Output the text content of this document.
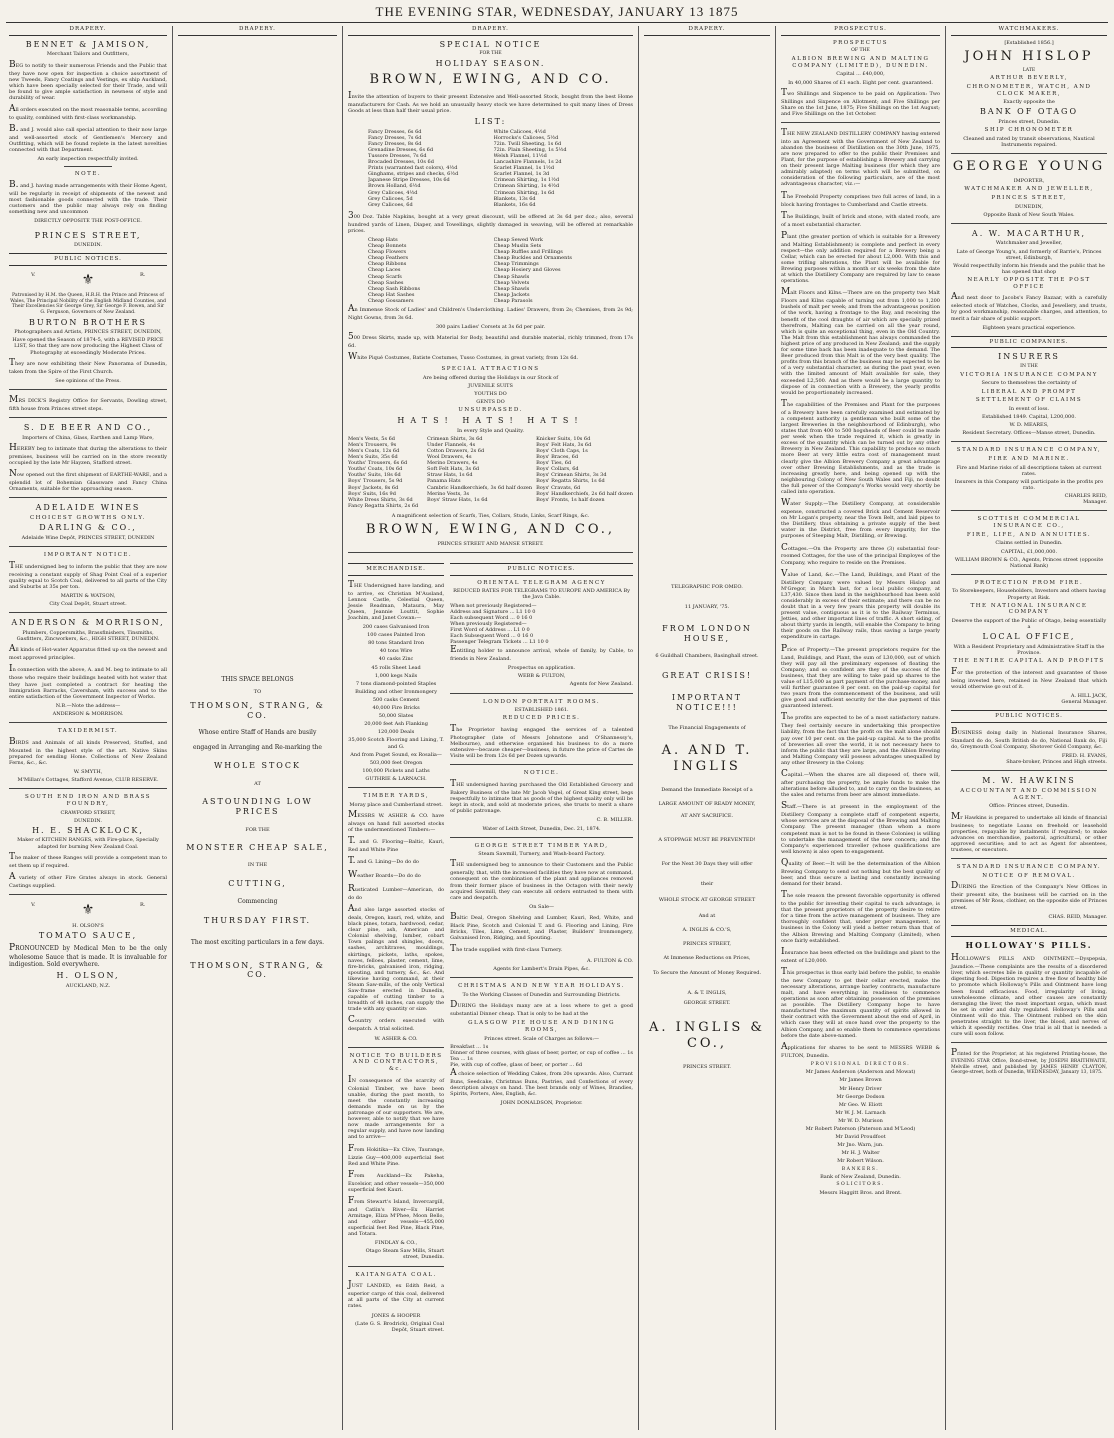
THE EVENING STAR, WEDNESDAY, JANUARY 13 1875
DRAPERY.
BENNET & JAMISON,
Merchant Tailors and Outfitters,
BEG to notify to their numerous Friends and the Public that they have now open for inspection a choice assortment of new Tweeds, Fancy Coatings and Vestings, ex ship Auckland, which have been specially selected for their Trade, and will be found to give ample satisfaction in newness of style and durability of wear.
All orders executed on the most reasonable terms, according to quality, combined with first-class workmanship.
B. and J. would also call special attention to their now large and well-assorted stock of Gentlemen's Mercery and Outfitting, which will be found replete in the latest novelties connected with that Department.
An early inspection respectfully invited.
NOTE.
B. and J. having made arrangements with their Home Agent, will be regularly in receipt of shipments of the newest and most fashionable goods connected with the trade. Their customers and the public may always rely on finding something new and uncommon
DIRECTLY OPPOSITE THE POST-OFFICE.
PRINCES STREET,
DUNEDIN.
PUBLIC NOTICES.
V.	⚜	R.
Patronised by H.M. the Queen, H.R.H. the Prince and Princess of Wales, The Principal Nobility of the English Midland Counties, and Their Excellencies Sir George Grey, Sir George F. Bowen, and Sir G. Ferguson, Governors of New Zealand.
BURTON BROTHERS
Photographers and Artists, PRINCES STREET, DUNEDIN,
Have opened the Season of 1874-5, with a REVISED PRICE LIST, So that they are now producing the Highest Class of Photography at exceedingly Moderate Prices.
They are now exhibiting their New Panorama of Dunedin, taken from the Spire of the First Church.
See opinions of the Press.
MRS DICK'S Registry Office for Servants, Dowling street, fifth house from Princes street steps.
S. DE BEER AND CO.,
Importers of China, Glass, Earthen and Lamp Ware,
HEREBY beg to intimate that during the alterations to their premises, business will be carried on in the store recently occupied by the late Mr Hayzen, Stafford street.
Now opened out the first shipment of EARTHE-WARE, and a splendid lot of Bohemian Glassware and Fancy China Ornaments, suitable for the approaching season.
ADELAIDE WINES
CHOICEST GROWTHS ONLY.
DARLING & CO.,
Adelaide Wine Depôt, PRINCES STREET, DUNEDIN
IMPORTANT NOTICE.
THE undersigned beg to inform the public that they are now receiving a constant supply of Shag Point Coal of a superior quality equal to Scotch Coal, delivered to all parts of the City and Suburbs at 35s per ton.
MARTIN & WATSON,
City Coal Depôt, Stuart street.
ANDERSON & MORRISON,
Plumbers, Coppersmiths, Brassfinishers, Tinsmiths, Gasfitters, Zincworkers, &c., HIGH STREET, DUNEDIN.
All kinds of Hot-water Apparatus fitted up on the newest and most approved principles.
In connection with the above, A. and M. beg to intimate to all those who require their buildings heated with hot water that they have just completed a contract for heating the Immigration Barracks, Caversham, with success and to the entire satisfaction of the Government Inspector of Works.
N.B.—Note the address—
ANDERSON & MORRISON.
TAXIDERMIST.
BIRDS and Animals of all kinds Preserved, Stuffed, and Mounted in the highest style of the art. Native Skins prepared for sending Home. Collections of New Zealand Ferns, &c., &c.
W. SMYTH,
M'Millan's Cottages, Stafford Avenue, CLUB RESERVE.
SOUTH END IRON AND BRASS FOUNDRY,
CRAWFORD STREET,
DUNEDIN.
H. E. SHACKLOCK,
Maker of KITCHEN RANGES, with Fire-place, Specially adapted for burning New Zealand Coal.
The maker of these Ranges will provide a competent man to set them up if required.
A variety of other Fire Grates always in stock. General Castings supplied.
V.	⚜	R.
H. OLSON'S
TOMATO SAUCE,
PRONOUNCED by Medical Men to be the only wholesome Sauce that is made. It is invaluable for indigestion. Sold everywhere.
H. OLSON,
AUCKLAND, N.Z.
DRAPERY.
THIS SPACE BELONGS
TO
THOMSON, STRANG, & CO.
Whose entire Staff of Hands are busily
engaged in Arranging and Re-marking the
WHOLE STOCK
AT
ASTOUNDING LOW PRICES
FOR THE
MONSTER CHEAP SALE,
IN THE
CUTTING,
Commencing
THURSDAY FIRST.
The most exciting particulars in a few days.
THOMSON, STRANG, & CO.
DRAPERY.
SPECIAL NOTICE
FOR THE
HOLIDAY SEASON.
BROWN, EWING, AND CO.
Invite the attention of buyers to their present Extensive and Well-assorted Stock, bought from the best Home manufacturers for Cash. As we hold an unusually heavy stock we have determined to quit many lines of Dress Goods at less than half their usual price.
LIST:
Fancy Dresses, 6s 6d
Fancy Dresses, 7s 6d
Fancy Dresses, 8s 6d
Grenadine Dresses, 6s 6d
Tussore Dresses, 7s 6d
Brocaded Dresses, 10s 6d
Prints (warranted fast colors), 4½d
Ginghams, stripes and checks, 6½d
Japanese Stripe Dresses, 10s 6d
Brown Holland, 6½d
Grey Calicoes, 4½d
Grey Calicoes, 5d
Grey Calicoes, 6d
White Calicoes, 4½d
Horrocks's Calicoes, 5½d
72in. Twill Sheeting, 1s 6d
72in. Plain Sheeting, 1s 5½d
Welsh Flannel, 11½d
Lancashire Flannels, 1s 2d
Scarlet Flannel, 1s 1½d
Scarlet Flannel, 1s 3d
Crimean Shirting, 1s 1½d
Crimean Shirting, 1s 4½d
Crimean Shirting, 1s 6d
Blankets, 13s 6d
Blankets, 16s 6d
300 Doz. Table Napkins, bought at a very great discount, will be offered at 3s 6d per doz.; also, several hundred yards of Linen, Diaper, and Towellings, slightly damaged in weaving, will be offered at remarkable prices.
Cheap Hats
Cheap Bonnets
Cheap Flowers
Cheap Feathers
Cheap Ribbons
Cheap Laces
Cheap Scarfs
Cheap Sashes
Cheap Sash Ribbons
Cheap Hat Sashes
Cheap Gossamers
Cheap Sewed Work
Cheap Muslin Sets
Cheap Ruffles and Frillings
Cheap Buckles and Ornaments
Cheap Trimmings
Cheap Hosiery and Gloves
Cheap Shawls
Cheap Velvets
Cheap Shawls
Cheap Jackets
Cheap Parasols
An Immense Stock of Ladies' and Children's Underclothing. Ladies' Drawers, from 2s; Chemises, from 2s 9d; Night Gowns, from 3s 6d.
300 pairs Ladies' Corsets at 3s 6d per pair.
500 Dress Skirts, made up, with Material for Body, beautiful and durable material, richly trimmed, from 17s 6d.
White Piqué Costumes, Batiste Costumes, Tusso Costumes, in great variety, from 12s 6d.
SPECIAL ATTRACTIONS
Are being offered during the Holidays in our Stock of
JUVENILE SUITS
YOUTHS DO
GENTS DO
UNSURPASSED.
HATS! HATS! HATS!
In every Style and Quality.
Men's Vests, 5s 6d
Men's Trousers, 9s
Men's Coats, 12s 6d
Men's Suits, 35s 6d
Youths' Trousers, 6s 6d
Youths' Coats, 10s 6d
Youths' Suits, 18s 6d
Boys' Trousers, 5s 9d
Boys' Jackets, 8s 6d
Boys' Suits, 16s 9d
White Dress Shirts, 3s 6d
Fancy Regatta Shirts, 2s 6d
Crimean Shirts, 3s 6d
Under Flannels, 4s
Cotton Drawers, 2s 6d
Wool Drawers, 4s
Merino Drawers, 4s
Soft Felt Hats, 3s 6d
Straw Hats, 1s 6d
Panama Hats
Cambric Handkerchiefs, 3s 6d half dozen
Merino Vests, 3s
Boys' Straw Hats, 1s 6d
Knicker Suits, 10s 6d
Boys' Felt Hats, 3s 6d
Boys' Cloth Caps, 1s
Boys' Braces, 6d
Boys' Ties, 6d
Boys' Collars, 6d
Boys' Crimean Shirts, 3s 3d
Boys' Regatta Shirts, 1s 6d
Boys' Cravats, 6d
Boys' Handkerchiefs, 2s 6d half dozen
Boys' Fronts, 1s half dozen
A magnificent selection of Scarfs, Ties, Collars, Studs, Links, Scarf Rings, &c.
BROWN, EWING, AND CO.,
PRINCES STREET AND MANSE STREET.
MERCHANDISE.
THE Undersigned have landing, and to arrive, ex Christian M'Ausland, Lennox Castle, Celestial Queen, Jessie Readman, Mataura, May Queen, Jeannie Louttit, Sophie Joachim, and Janet Cowan:—
200 cases Galvanised Iron
100 cases Painted Iron
80 tons Standard Iron
40 tons Wire
40 casks Zinc
45 rolls Sheet Lead
1,000 kegs Nails
7 tons diamond-pointed Staples
Building and other Ironmongery
500 casks Cement
40,000 Fire Bricks
50,000 Slates
20,000 feet Ash Flanking
120,000 Deals
35,000 Scotch Flooring and Lining, T. and G.
And from Puget Sound, ex Rosalia—
503,000 feet Oregon
100,000 Pickets and Laths
GUTHRIE & LARNACH.
TIMBER YARDS,
Moray place and Cumberland street.
MESSRS W. ASHER & CO. have always on hand full assorted stocks of the undermentioned Timbers:—
T. and G. Flooring—Baltic, Kauri, Red and White Pine
T. and G. Lining—Do do do
Weather Boards—Do do do
Rusticated Lumber—American, do do do
And also large assorted stocks of deals, Oregon, kauri, red, white, and black pines, totara, hardwood, cedar, clear pine, ash, American and Colonial shelving, lumber, cobart Town palings and shingles, doors, sashes, architraves, mouldings, skirtings, pickets, laths, spokes, naves, felloes, plaster, cement, lime, fire-bricks, galvanised iron, ridging, spouting, and turnery, &c., &c. And likewise having command, at their Steam Saw-mills, of the only Vertical Saw-frame erected in Dunedin, capable of cutting timber to a breadth of 48 inches, can supply the trade with any quantity or size.
Country orders executed with despatch. A trial solicited.
W. ASHER & CO.
NOTICE TO BUILDERS AND CONTRACTORS, &c.
IN consequence of the scarcity of Colonial Timber, we have been unable, during the past month, to meet the constantly increasing demands made on us by the patronage of our supporters. We are, however, able to notify that we have now made arrangements for a regular supply, and have now landing and to arrive—
From Hokitika—Ex Clive, Taurange, Lizzie Guy—400,000 superficial feet Red and White Pine.
From Auckland—Ex Pakeha, Excelsior, and other vessels—350,000 superficial feet Kauri.
From Stewart's Island, Invercargill, and Catlin's River—Ex Harriet Armitage, Eliza M'Phee, Moon Bello, and other vessels—455,000 superficial feet Red Pine, Black Pine, and Totara.
FINDLAY & CO.,
Otago Steam Saw Mills, Stuart street, Dunedin.
KAITANGATA COAL.
JUST LANDED, ex Edith Reid, a superior cargo of this coal, delivered at all parts of the City at current rates.
JONES & HOOPER
(Late G. S. Brodrick), Original Coal Depôt, Stuart street.
PUBLIC NOTICES.
ORIENTAL TELEGRAM AGENCY
REDUCED RATES FOR TELEGRAMS TO EUROPE AND AMERICA By the Java Cable.
When not previously Registered—
Address and Signature ... L1 10 0
Each subsequent Word ... 0 16 0
When previously Registered—
First Word of Address ... L1 0 0
Each Subsequent Word ... 0 16 0
Passenger Telegram Tickets ... L1 10 0
Entitling holder to announce arrival, whole of family, by Cable, to friends in New Zealand.
Prospectus on application.
WEBB & FULTON,
Agents for New Zealand.
LONDON PORTRAIT ROOMS.
ESTABLISHED 1861.
REDUCED PRICES.
The Proprietor having engaged the services of a talented Photographer (late of Messrs Johnstone and O'Shannessy's, Melbourne), and otherwise organised his business to do a more extensive—because cheaper—business, in future the price of Cartes de Visite will be from 12s 6d per Dozen upwards.
NOTICE.
THE undersigned having purchased the Old Established Grocery and Bakery Business of the late Mr Jacob Vogel, of Great King street, begs respectfully to intimate that as goods of the highest quality only will be kept in stock, and sold at moderate prices, she trusts to merit a share of public patronage.
C. B. MILLER.
Water of Leith Street, Dunedin, Dec. 21, 1874.
GEORGE STREET TIMBER YARD,
Steam Sawmill, Turnery, and Wash-board Factory.
THE undersigned beg to announce to their Customers and the Public generally, that, with the increased facilities they have now at command, consequent on the combination of the plant and appliances removed from their former place of business in the Octagon with their newly acquired Sawmill, they can execute all orders entrusted to them with care and despatch.
On Sale—
Baltic Deal, Oregon Shelving and Lumber, Kauri, Red, White, and Black Pine, Scotch and Colonial T. and G. Flooring and Lining, Fire Bricks, Tiles, Lime, Cement, and Plaster, Builders' Ironmongery, Galvanised Iron, Ridging, and Spouting.
The trade supplied with first-class Turnery.
A. FULTON & CO.
Agents for Lambert's Drain Pipes, &c.
CHRISTMAS AND NEW YEAR HOLIDAYS.
To the Working Classes of Dunedin and Surrounding Districts.
DURING the Holidays many are at a loss where to get a good substantial Dinner cheap. That is only to be had at the
GLASGOW PIE HOUSE AND DINING ROOMS,
Princes street. Scale of Charges as follows:—
Breakfast ... 1s
Dinner of three courses, with glass of beer, porter, or cup of coffee ... 1s
Tea ... 1s
Pie, with cup of coffee, glass of beer, or porter ... 6d
A choice selection of Wedding Cakes, from 20s upwards. Also, Currant Buns, Seedcake, Christmas Buns, Pastries, and Confections of every description always on hand. The best brands only of Wines, Brandies, Spirits, Porters, Ales, English, &c.
JOHN DONALDSON, Proprietor.
DRAPERY.
TELEGRAPHIC FOR OMEO.
11 JANUARY, '75.
FROM LONDON HOUSE,
6 Guildhall Chambers, Basinghall street.
GREAT CRISIS!
IMPORTANT NOTICE!!!
The Financial Engagements of
A. AND T. INGLIS
Demand the Immediate Receipt of a
LARGE AMOUNT OF READY MONEY,
AT ANY SACRIFICE.
A STOPPAGE MUST BE PREVENTED!
For the Next 30 Days they will offer
their
WHOLE STOCK AT GEORGE STREET
And at
A. INGLIS & CO.'S,
PRINCES STREET,
At Immense Reductions on Prices,
To Secure the Amount of Money Required.
A. & T. INGLIS,
GEORGE STREET.
A. INGLIS & CO.,
PRINCES STREET.
PROSPECTUS.
PROSPECTUS
OF THE
ALBION BREWING AND MALTING COMPANY (LIMITED), DUNEDIN.
Capital ... £40,000,
In 40,000 Shares of £1 each. Eight per cent. guaranteed.
Two Shillings and Sixpence to be paid on Application: Two Shillings and Sixpence on Allotment; and Five Shillings per Share on the 1st June, 1875; Five Shillings on the 1st August; and Five Shillings on the 1st October.
THE NEW ZEALAND DISTILLERY COMPANY having entered into an Agreement with the Government of New Zealand to abandon the business of Distillation on the 30th June, 1875, are now prepared to offer to the public their Premises and Plant, for the purpose of establishing a Brewery and carrying on their present large Malting business (for which they are admirably adapted) on terms which will be submitted, on consideration of the following particulars, are of the most advantageous character, viz.:—
The Freehold Property comprises two full acres of land, in a block having frontages to Cumberland and Castle streets.
The Buildings, built of brick and stone, with slated roofs, are of a most substantial character.
Plant (the greater portion of which is suitable for a Brewery and Malting Establishment) is complete and perfect in every respect—the only addition required for a Brewery being a Cellar, which can be erected for about L2,000. With this and some trifling alterations, the Plant will be available for Brewing purposes within a month or six weeks from the date at which the Distillery Company are required by law to cease operations.
Malt Floors and Kilns.—There are on the property two Malt Floors and Kilns capable of turning out from 1,000 to 1,200 bushels of malt per week; and from the advantageous position of the work, having a frontage to the Bay, and receiving the benefit of the cool draughts of air which are specially prized therefrom, Malting can be carried on all the year round, which is quite an exceptional thing, even in the Old Country. The Malt from this establishment has always commanded the highest price of any produced in New Zealand; and the supply for some time back has been inadequate to the demand. The Beer produced from this Malt is of the very best quality. The profits from this branch of the business may be expected to be of a very substantial character, as during the past year, even with the limited amount of Malt available for sale, they exceeded L2,500. And as there would be a large quantity to dispose of in connection with a Brewery, the yearly profits would be proportionately increased.
The capabilities of the Premises and Plant for the purposes of a Brewery have been carefully examined and estimated by a competent authority (a gentleman who built some of the largest Breweries in the neighbourhood of Edinburgh), who states that from 400 to 500 hogsheads of Beer could be made per week when the trade required it, which is greatly in excess of the quantity which can be turned out by any other Brewery in New Zealand. This capability to produce so much more Beer at very little extra cost of management must clearly give the Albion Brewery Company a great advantage over other Brewing Establishments, and as the trade is increasing greatly here, and being opened up with the neighbouring Colony of New South Wales and Fiji, no doubt the full power of the Company's Works would very shortly be called into operation.
Water Supply.—The Distillery Company, at considerable expense, constructed a covered Brick and Cement Reservoir on Mr Logan's property, near the Town Belt, and laid pipes to the Distillery, thus obtaining a private supply of the best water in the District, free from every impurity, for the purposes of Steeping Malt, Distilling, or Brewing.
Cottages.—On the Property are three (3) substantial four-roomed Cottages, for the use of the principal Employes of the Company, who require to reside on the Premises.
Value of Land, &c.—The Land, Buildings, and Plant of the Distillery Company were valued by Messrs Hislop and M'Gregor, in March last, for a local public company, at L37,430. Since then land in the neighbourhood has been sold considerably in excess of their estimate; and there can be no doubt that in a very few years this property will double its present value, contiguous as it is to the Railway Terminus, Jetties, and other important lines of traffic. A short siding, of about thirty yards in length, will enable the Company to bring their goods on the Railway rails, thus saving a large yearly expenditure in cartage.
Price of Property.—The present proprietors require for the Land, Buildings, and Plant, the sum of L30,000, out of which they will pay all the preliminary expenses of floating the Company; and so confident are they of the success of the business, that they are willing to take paid up shares to the value of L15,000 as part payment of the purchase-money, and will further guarantee 8 per cent. on the paid-up capital for two years from the commencement of the business, and will give good and sufficient security for the due payment of this guaranteed interest.
The profits are expected to be of a most satisfactory nature. They feel certainly secure in undertaking this prospective liability, from the fact that the profit on the malt alone should pay over 10 per cent. on the paid-up capital. As to the profits of breweries all over the world, it is not necessary here to inform the public that they are large, and the Albion Brewing and Malting Company will possess advantages unequalled by any other Brewery in the Colony.
Capital.—When the shares are all disposed of, there will, after purchasing the property, be ample funds to make the alterations before alluded to, and to carry on the business, as the sales and returns from beer are almost immediate.
Staff.—There is at present in the employment of the Distillery Company a complete staff of competent experts, whose services are at the disposal of the Brewing and Malting Company. The present manager (than whom a more competent man is not to be found in these Colonies) is willing to undertake the management of the new concern; and the Company's experienced traveller (whose qualifications are well known) is also open to engagement.
Quality of Beer.—It will be the determination of the Albion Brewing Company to send out nothing but the best quality of beer, and thus secure a lasting and constantly increasing demand for their brand.
The sole reason the present favorable opportunity is offered to the public for investing their capital to such advantage, is that the present proprietors of the property desire to retire for a time from the active management of business. They are thoroughly confident that, under proper management, no business in the Colony will yield a better return than that of the Albion Brewing and Malting Company (Limited), when once fairly established.
Insurance has been effected on the buildings and plant to the extent of L20,000.
This prospectus is thus early laid before the public, to enable the new Company to get their cellar erected, make the necessary alterations, arrange barley contracts, manufacture malt, and have everything in readiness to commence operations as soon after obtaining possession of the premises as possible. The Distillery Company hope to have manufactured the maximum quantity of spirits allowed in their contract with the Government about the end of April, in which case they will at once hand over the property to the Albion Company, and so enable them to commence operations before the date above-named.
Applications for shares to be sent to MESSRS WEBB & FULTON, Dunedin.
PROVISIONAL DIRECTORS.
Mr James Anderson (Anderson and Mowat)
Mr James Brown
Mr Henry Driver
Mr George Dodson
Mr Geo. W. Eliott
Mr W. J. M. Larnach
Mr W. D. Murison
Mr Robert Paterson (Paterson and M'Leod)
Mr David Proudfoot
Mr Jno. Warn, jun.
Mr H. J. Walter
Mr Robert Wilson.
BANKERS.
Bank of New Zealand, Dunedin.
SOLICITORS.
Messrs Haggitt Bros. and Brent.
WATCHMAKERS.
[Established 1856.]
JOHN HISLOP
LATE
ARTHUR BEVERLY,
CHRONOMETER, WATCH, AND CLOCK MAKER,
Exactly opposite the
BANK OF OTAGO
Princes street, Dunedin.
SHIP CHRONOMETER
Cleaned and rated by transit observations, Nautical Instruments repaired.
GEORGE YOUNG
IMPORTER,
WATCHMAKER AND JEWELLER,
PRINCES STREET,
DUNEDIN,
Opposite Bank of New South Wales.
A. W. MACARTHUR,
Watchmaker and Jeweller,
Late of George Young's, and formerly of Barrie's, Princes street, Edinburgh,
Would respectfully inform his friends and the public that he has opened that shop
NEARLY OPPOSITE THE POST OFFICE
And next door to Jacobs's Fancy Bazaar, with a carefully selected stock of Watches, Clocks, and Jewellery, and trusts, by good workmanship, reasonable charges, and attention, to merit a fair share of public support.
Eighteen years practical experience.
PUBLIC COMPANIES.
INSURERS
IN THE
VICTORIA INSURANCE COMPANY
Secure to themselves the certainty of
LIBERAL AND PROMPT
SETTLEMENT OF CLAIMS
In event of loss.
Established 1849. Capital, L200,000.
W. D. MEARES,
Resident Secretary. Offices—Manse street, Dunedin.
STANDARD INSURANCE COMPANY,
FIRE AND MARINE.
Fire and Marine risks of all descriptions taken at current rates.
Insurers in this Company will participate in the profits pro rato.
CHARLES REID,
Manager.
SCOTTISH COMMERCIAL INSURANCE CO.,
FIRE, LIFE, AND ANNUITIES.
Claims settled in Dunedin.
CAPITAL, £1,000,000.
WILLIAM BROWN & CO., Agents, Princes street (opposite National Bank)
PROTECTION FROM FIRE.
To Storekeepers, Householders, Investors and others having Property at Risk.
THE NATIONAL INSURANCE COMPANY
Deserve the support of the Public of Otago, being essentially a
LOCAL OFFICE,
With a Resident Proprietary and Administrative Staff in the Province.
THE ENTIRE CAPITAL AND PROFITS
For the protection of the interest and guarantee of those being invested here, retained in New Zealand that which would otherwise go out of it.
A. HILL JACK,
General Manager.
PUBLIC NOTICES.
BUSINESS doing daily in National Insurance Shares, Standard do do, South British do do, National Bank do, Fiji do, Greymouth Coal Company, Shotover Gold Company, &c.
FRED. H. EVANS,
Share-broker, Princes and High streets.
M. W. HAWKINS
ACCOUNTANT AND COMMISSION AGENT.
Office: Princes street, Dunedin.
Mr Hawkins is prepared to undertake all kinds of financial business; to negotiate Loans on freehold or leasehold properties, repayable by instalments if required; to make advances on merchandise, pastoral, agricultural, or other approved securities; and to act as Agent for absentees, trustees, or executors.
STANDARD INSURANCE COMPANY.
NOTICE OF REMOVAL.
DURING the Erection of the Company's New Offices in their present site, the business will be carried on in the premises of Mr Ross, clothier, on the opposite side of Princes street.
CHAS. REID, Manager.
MEDICAL.
HOLLOWAY'S PILLS.
HOLLOWAY'S PILLS AND OINTMENT.—Dyspepsia, Jaundice.—These complaints are the results of a disordered liver, which secretes bile in quality or quantity incapable of digesting food. Digestion requires a free flow of healthy bile to promote which Holloway's Pills and Ointment have long been found efficacious. Food, irregularity of living, unwholesome climate, and other causes are constantly deranging the liver, the most important organ, which must be set in order and duly regulated. Holloway's Pills and Ointment will do this. The Ointment rubbed on the skin penetrates straight to the liver, the blood, and nerves of which it speedily rectifies. One trial is all that is needed: a cure will soon follow.
Printed for the Proprietor, at his registered Printing-house, the EVENING STAR Office, Bond-street, by JOSEPH BRAITHWAITE, Melville street, and published by JAMES HENRY CLAYTON, George-street, both of Dunedin, WEDNESDAY, January 13, 1875.
